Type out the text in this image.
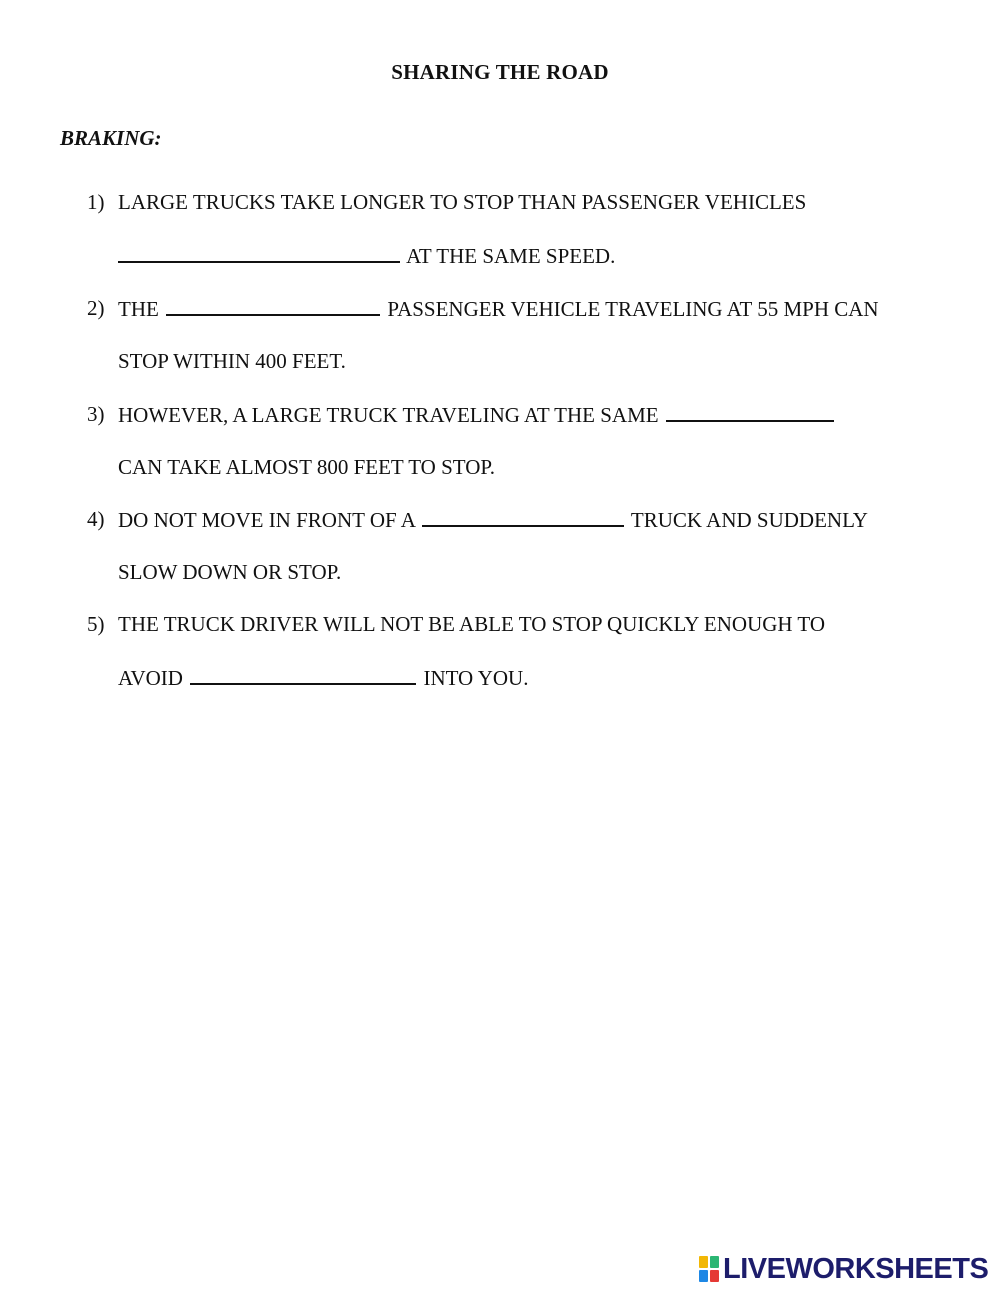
SHARING THE ROAD
BRAKING:
1) LARGE TRUCKS TAKE LONGER TO STOP THAN PASSENGER VEHICLES
AT THE SAME SPEED.
2) THE	PASSENGER VEHICLE TRAVELING AT 55 MPH CAN
STOP WITHIN 400 FEET.
3) HOWEVER, A LARGE TRUCK TRAVELING AT THE SAME
CAN TAKE ALMOST 800 FEET TO STOP.
4) DO NOT MOVE IN FRONT OF A	TRUCK AND SUDDENLY
SLOW DOWN OR STOP.
5) THE TRUCK DRIVER WILL NOT BE ABLE TO STOP QUICKLY ENOUGH TO
AVOID	INTO YOU.
LIVEWORKSHEETS
